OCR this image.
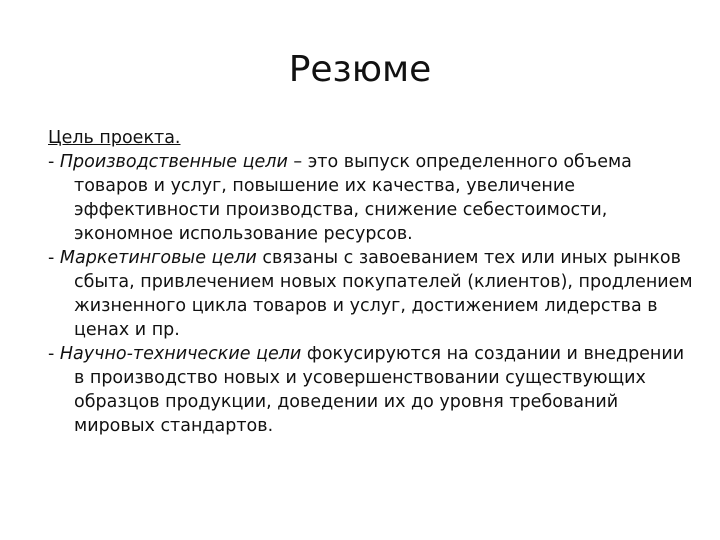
Резюме

Цель проекта.

- Производственные цели – это выпуск определенного объема товаров и услуг, повышение их качества, увеличение эффективности производства, снижение себестоимости, экономное использование ресурсов.

- Маркетинговые цели связаны с завоеванием тех или иных рынков сбыта, привлечением новых покупателей (клиентов), продлением жизненного цикла товаров и услуг, достижением лидерства в ценах и пр.

- Научно-технические цели фокусируются на создании и внедрении в производство новых и усовершенствовании существующих образцов продукции, доведении их до уровня требований мировых стандартов.
